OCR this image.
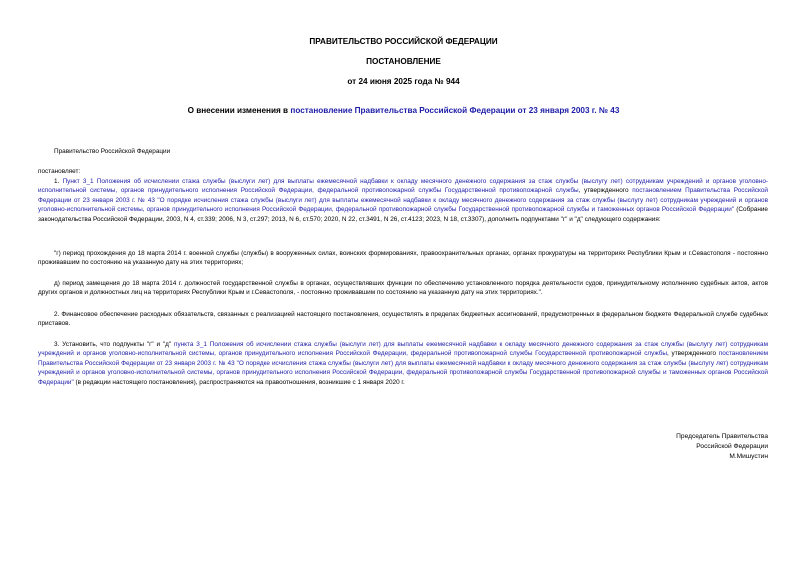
ПРАВИТЕЛЬСТВО РОССИЙСКОЙ ФЕДЕРАЦИИ
ПОСТАНОВЛЕНИЕ
от 24 июня 2025 года № 944
О внесении изменения в постановление Правительства Российской Федерации от 23 января 2003 г. № 43
Правительство Российской Федерации
постановляет:
1. Пункт 3_1 Положения об исчислении стажа службы (выслуги лет) для выплаты ежемесячной надбавки к окладу месячного денежного содержания за стаж службы (выслугу лет) сотрудникам учреждений и органов уголовно-исполнительной системы, органов принудительного исполнения Российской Федерации, федеральной противопожарной службы Государственной противопожарной службы, утвержденного постановлением Правительства Российской Федерации от 23 января 2003 г. № 43 "О порядке исчисления стажа службы (выслуги лет) для выплаты ежемесячной надбавки к окладу месячного денежного содержания за стаж службы (выслугу лет) сотрудникам учреждений и органов уголовно-исполнительной системы, органов принудительного исполнения Российской Федерации, федеральной противопожарной службы Государственной противопожарной службы и таможенных органов Российской Федерации" (Собрание законодательства Российской Федерации, 2003, N 4, ст.339; 2006, N 3, ст.297; 2013, N 6, ст.570; 2020, N 22, ст.3491, N 26, ст.4123; 2023, N 18, ст.3307), дополнить подпунктами "г" и "д" следующего содержания:
"г) период прохождения до 18 марта 2014 г. военной службы (службы) в вооруженных силах, воинских формированиях, правоохранительных органах, органах прокуратуры на территориях Республики Крым и г.Севастополя - постоянно проживавшим по состоянию на указанную дату на этих территориях;
д) период замещения до 18 марта 2014 г. должностей государственной службы в органах, осуществлявших функции по обеспечению установленного порядка деятельности судов, принудительному исполнению судебных актов, актов других органов и должностных лиц на территориях Республики Крым и г.Севастополя, - постоянно проживавшим по состоянию на указанную дату на этих территориях.".
2. Финансовое обеспечение расходных обязательств, связанных с реализацией настоящего постановления, осуществлять в пределах бюджетных ассигнований, предусмотренных в федеральном бюджете Федеральной службе судебных приставов.
3. Установить, что подпункты "г" и "д" пункта 3_1 Положения об исчислении стажа службы (выслуги лет) для выплаты ежемесячной надбавки к окладу месячного денежного содержания за стаж службы (выслугу лет) сотрудникам учреждений и органов уголовно-исполнительной системы, органов принудительного исполнения Российской Федерации, федеральной противопожарной службы Государственной противопожарной службы, утвержденного постановлением Правительства Российской Федерации от 23 января 2003 г. № 43 "О порядке исчисления стажа службы (выслуги лет) для выплаты ежемесячной надбавки к окладу месячного денежного содержания за стаж службы (выслугу лет) сотрудникам учреждений и органов уголовно-исполнительной системы, органов принудительного исполнения Российской Федерации, федеральной противопожарной службы Государственной противопожарной службы и таможенных органов Российской Федерации" (в редакции настоящего постановления), распространяются на правоотношения, возникшие с 1 января 2020 г.
Председатель Правительства
Российской Федерации
М.Мишустин
